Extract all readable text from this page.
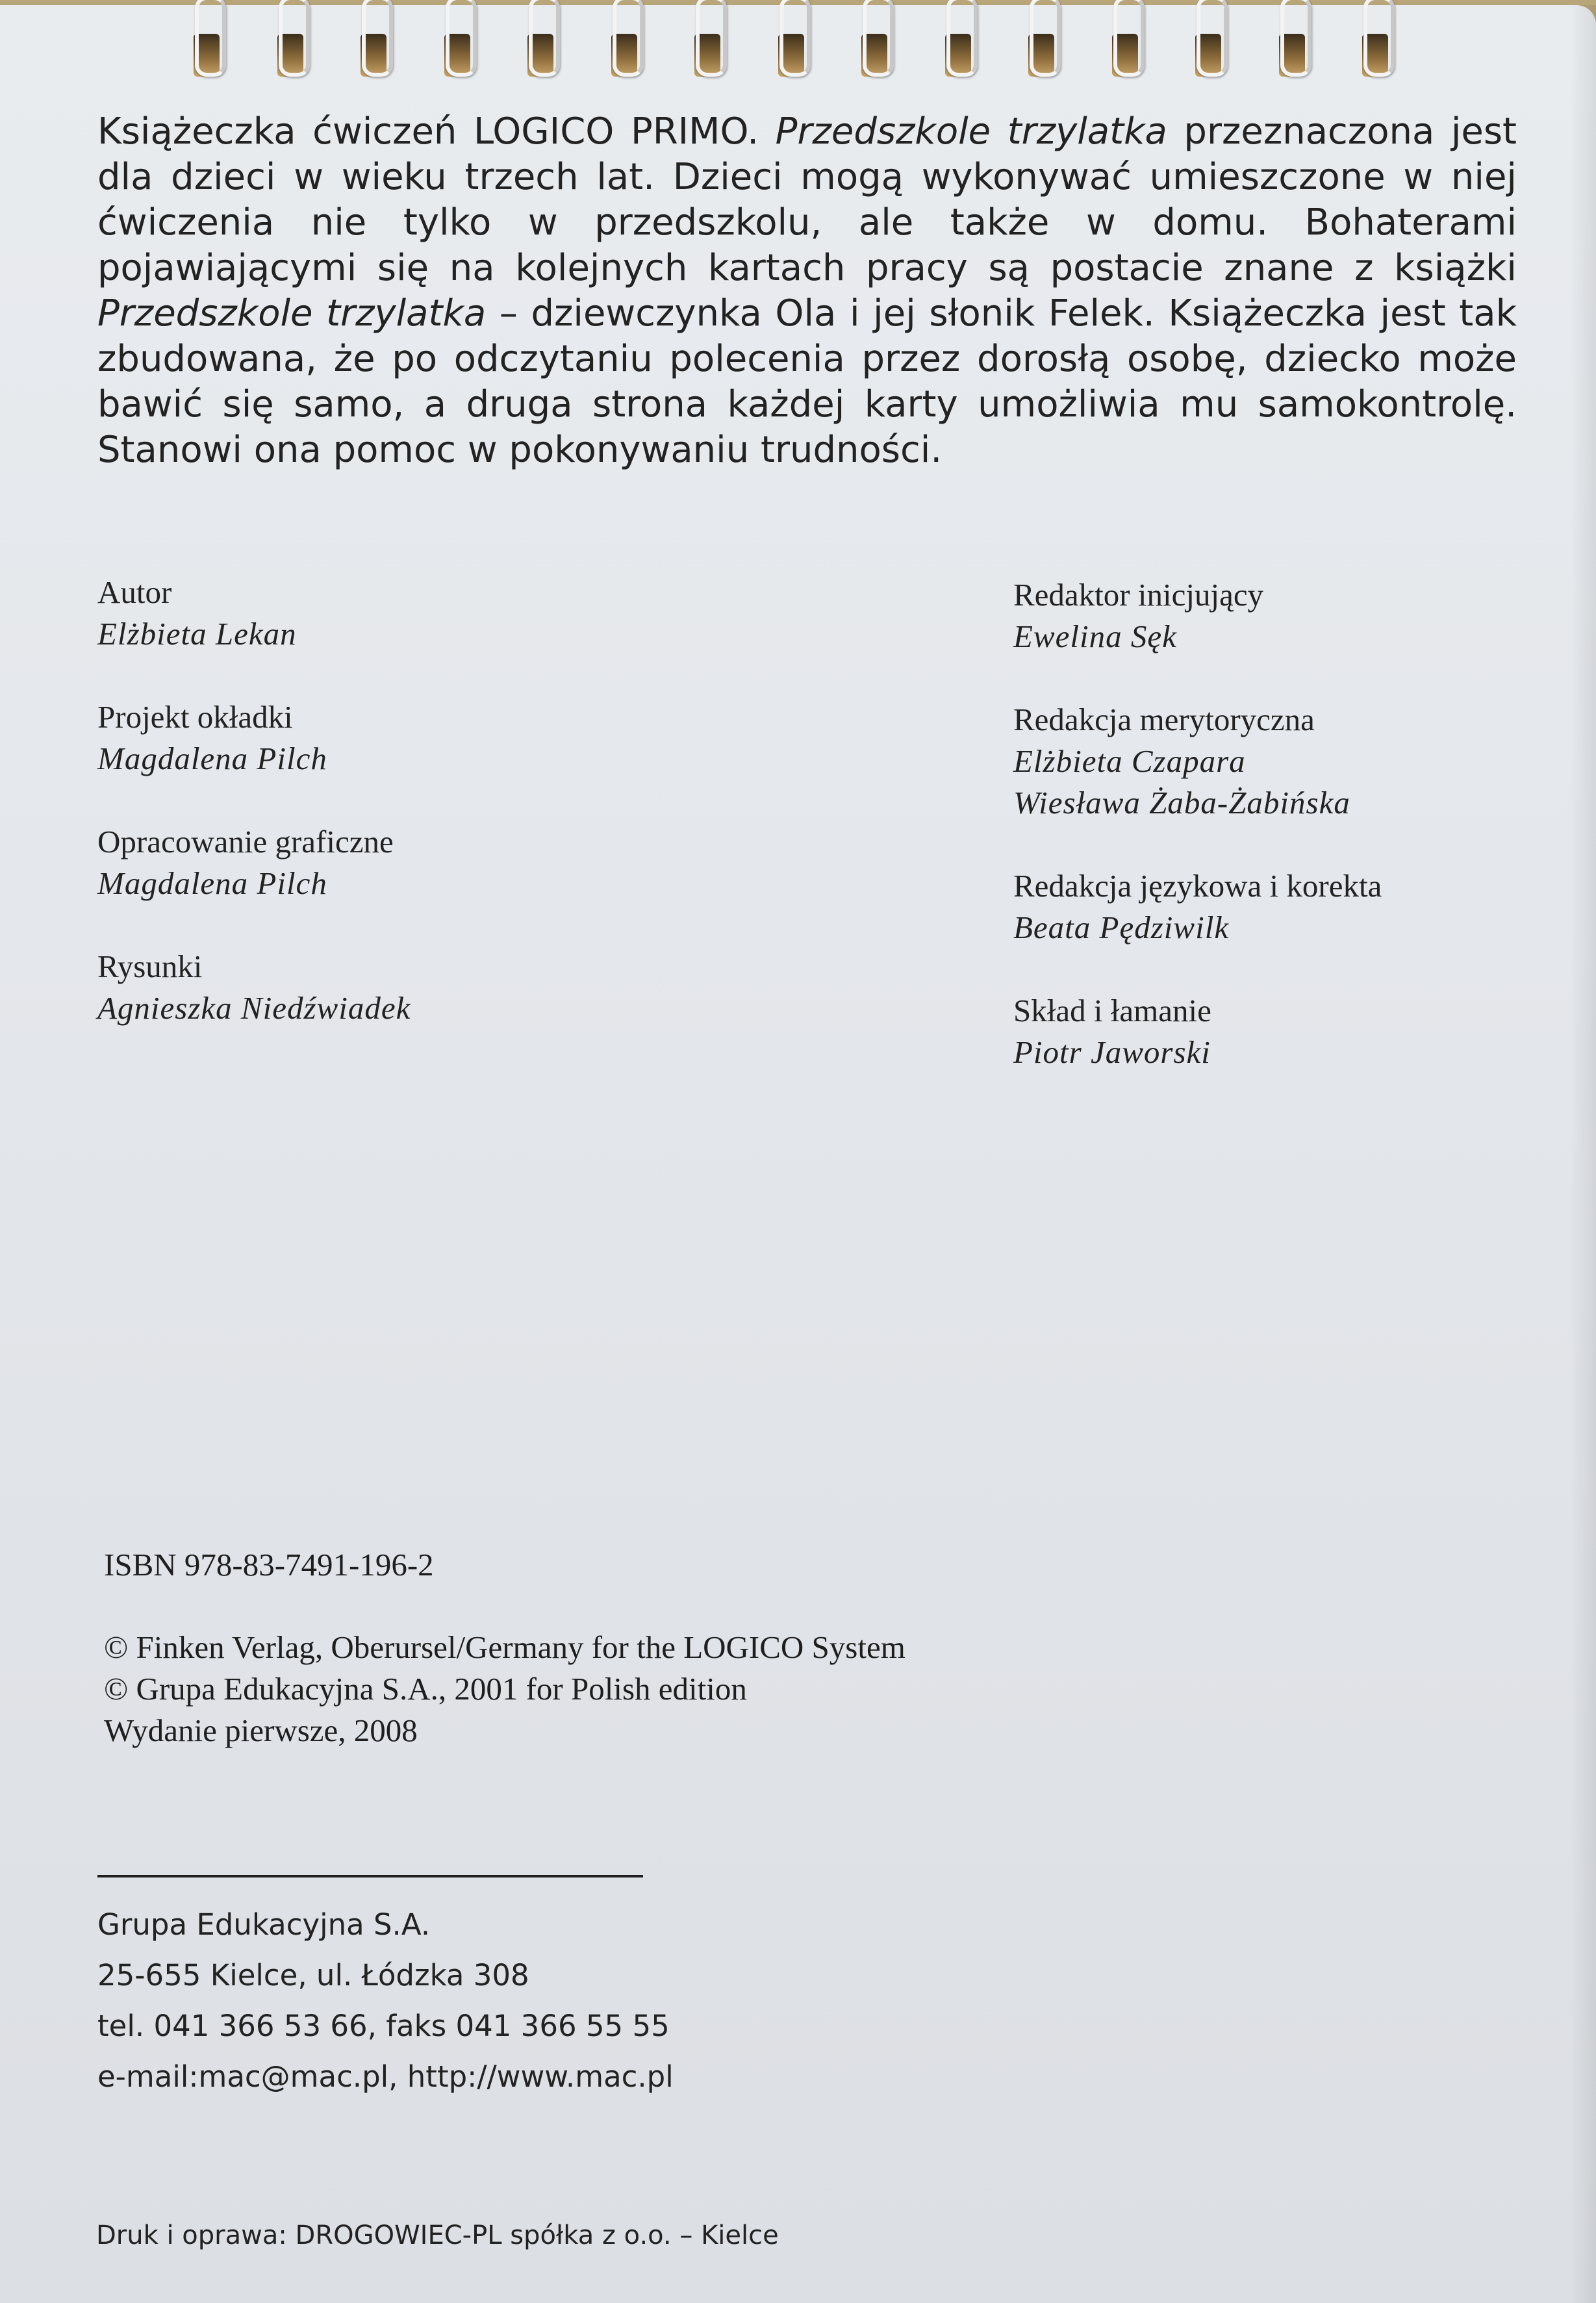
Książeczka ćwiczeń LOGICO PRIMO. Przedszkole trzylatka przeznaczona jest dla dzieci w wieku trzech lat. Dzieci mogą wykonywać umieszczone w niej ćwiczenia nie tylko w przedszkolu, ale także w domu. Bohaterami pojawiającymi się na kolejnych kartach pracy są postacie znane z książki Przedszkole trzylatka – dziewczynka Ola i jej słonik Felek. Książeczka jest tak zbudowana, że po odczytaniu polecenia przez dorosłą osobę, dziecko może bawić się samo, a druga strona każdej karty umożliwia mu samokontrolę. Stanowi ona pomoc w pokonywaniu trudności.

Autor
Elżbieta Lekan
Projekt okładki
Magdalena Pilch
Opracowanie graficzne
Magdalena Pilch
Rysunki
Agnieszka Niedźwiadek
Redaktor inicjujący
Ewelina Sęk
Redakcja merytoryczna
Elżbieta Czapara
Wiesława Żaba-Żabińska
Redakcja językowa i korekta
Beata Pędziwilk
Skład i łamanie
Piotr Jaworski
ISBN 978-83-7491-196-2
© Finken Verlag, Oberursel/Germany for the LOGICO System
© Grupa Edukacyjna S.A., 2001 for Polish edition
Wydanie pierwsze, 2008
Grupa Edukacyjna S.A.
25-655 Kielce, ul. Łódzka 308
tel. 041 366 53 66, faks 041 366 55 55
e-mail:mac@mac.pl, http://www.mac.pl
Druk i oprawa: DROGOWIEC-PL spółka z o.o. – Kielce
